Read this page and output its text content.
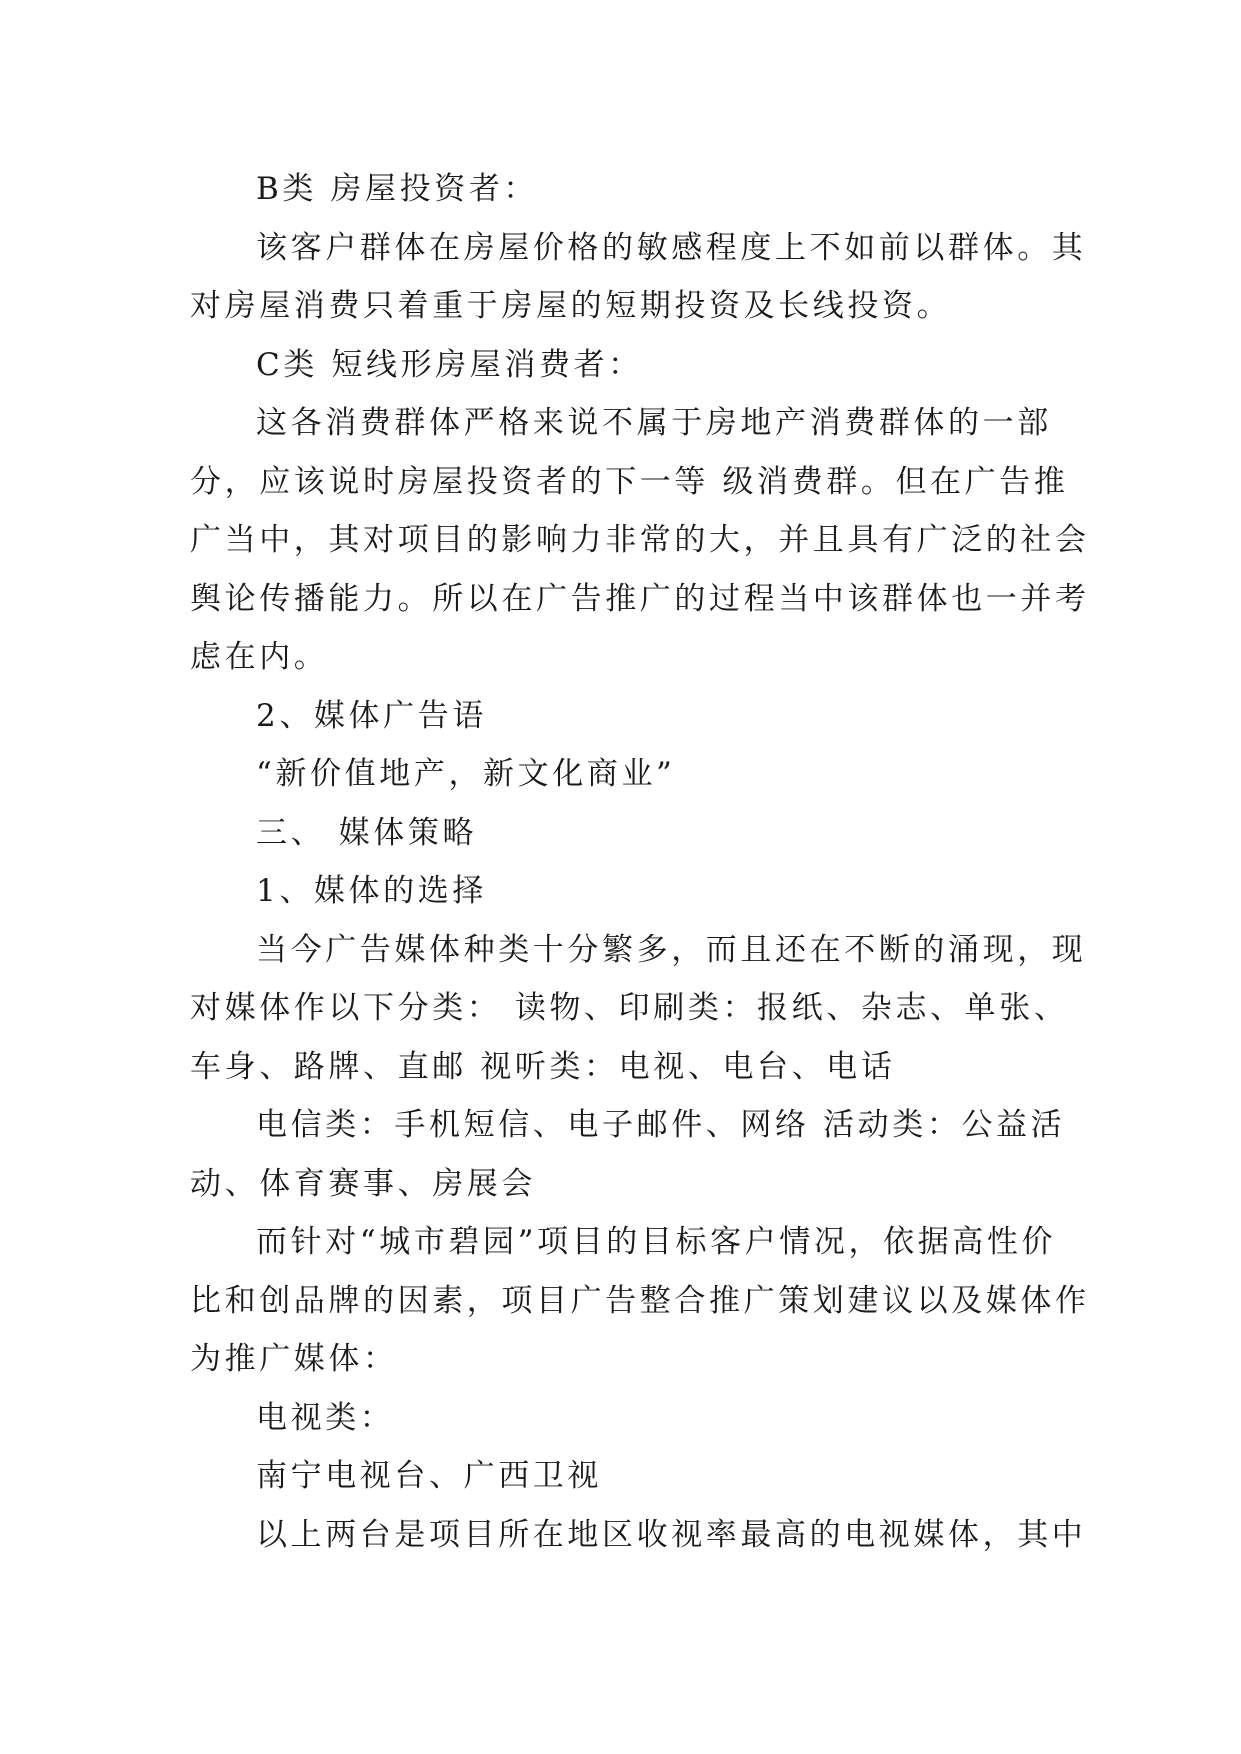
B类 房屋投资者：
该客户群体在房屋价格的敏感程度上不如前以群体。其
对房屋消费只着重于房屋的短期投资及长线投资。
C类 短线形房屋消费者：
这各消费群体严格来说不属于房地产消费群体的一部
分，应该说时房屋投资者的下一等 级消费群。但在广告推
广当中，其对项目的影响力非常的大，并且具有广泛的社会
舆论传播能力。所以在广告推广的过程当中该群体也一并考
虑在内。
2、媒体广告语
“新价值地产，新文化商业”
三、 媒体策略
1、媒体的选择
当今广告媒体种类十分繁多，而且还在不断的涌现，现
对媒体作以下分类： 读物、印刷类：报纸、杂志、单张、
车身、路牌、直邮 视听类：电视、电台、电话
电信类：手机短信、电子邮件、网络 活动类：公益活
动、体育赛事、房展会
而针对“城市碧园”项目的目标客户情况，依据高性价
比和创品牌的因素，项目广告整合推广策划建议以及媒体作
为推广媒体：
电视类：
南宁电视台、广西卫视
以上两台是项目所在地区收视率最高的电视媒体，其中
